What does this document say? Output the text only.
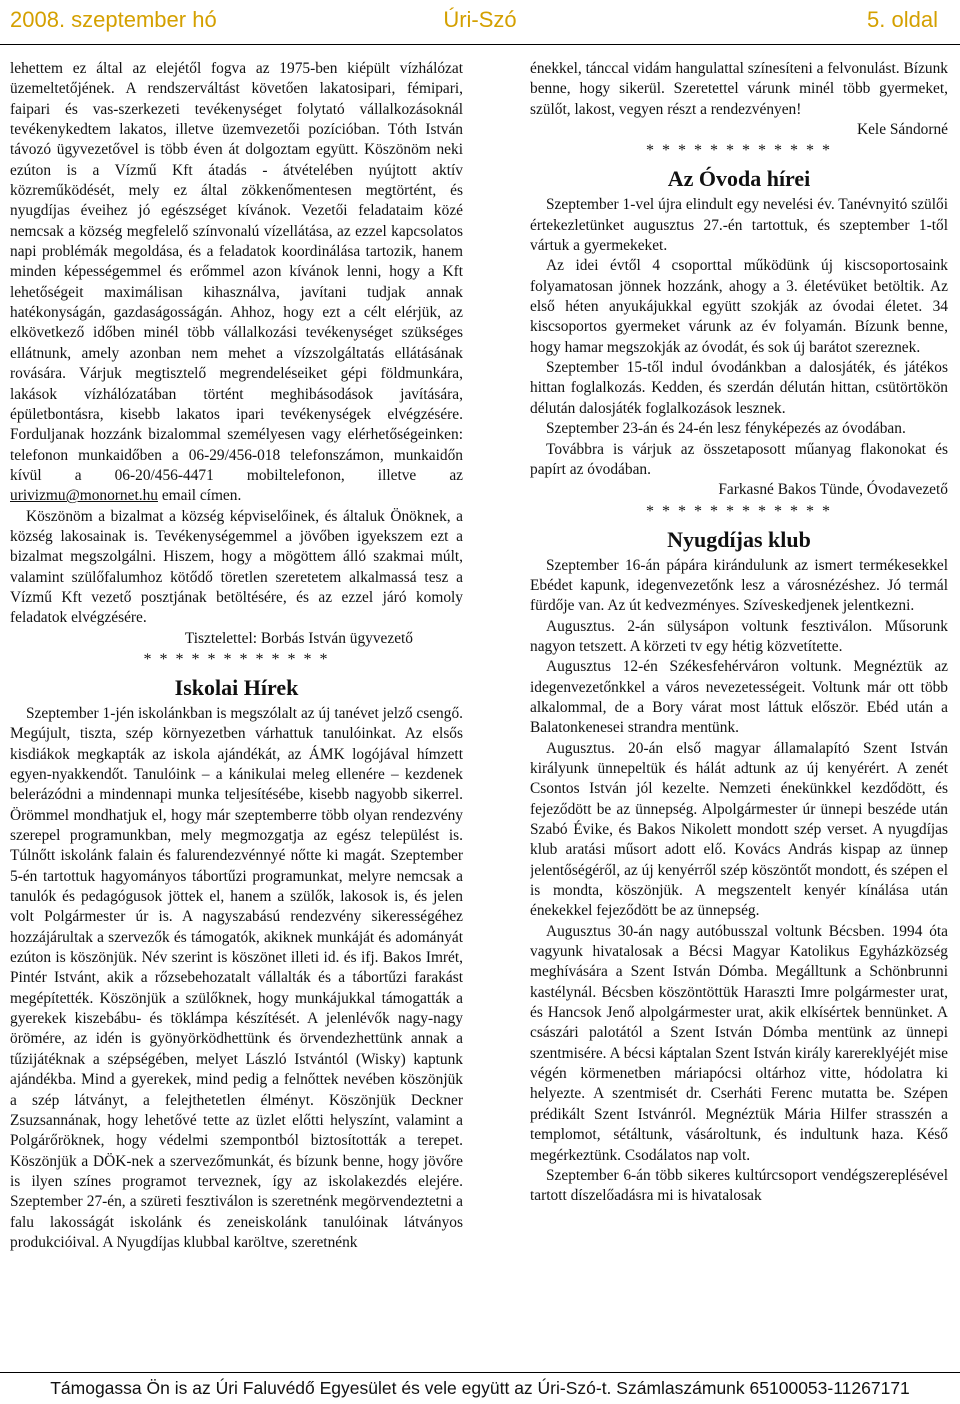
2008. szeptember hó	Úri-Szó	5. oldal

lehettem ez által az elejétől fogva az 1975-ben kiépült vízhálózat üzemeltetőjének. A rendszerváltást követően lakatosipari, fémipari, faipari és vas-szerkezeti tevékenységet folytató vállalkozásoknál tevékenykedtem lakatos, illetve üzemvezetői pozícióban. Tóth István távozó ügyvezetővel is több éven át dolgoztam együtt. Köszönöm neki ezúton is a Vízmű Kft átadás - átvételében nyújtott aktív közreműködését, mely ez által zökkenőmentesen megtörtént, és nyugdíjas éveihez jó egészséget kívánok. Vezetői feladataim közé nemcsak a község megfelelő színvonalú vízellátása, az ezzel kapcsolatos napi problémák megoldása, és a feladatok koordinálása tartozik, hanem minden képességemmel és erőmmel azon kívánok lenni, hogy a Kft lehetőségeit maximálisan kihasználva, javítani tudjak annak hatékonyságán, gazdaságosságán. Ahhoz, hogy ezt a célt elérjük, az elkövetkező időben minél több vállalkozási tevékenységet szükséges ellátnunk, amely azonban nem mehet a vízszolgáltatás ellátásának rovására. Várjuk megtisztelő megrendeléseiket gépi földmunkára, lakások vízhálózatában történt meghibásodások javítására, épületbontásra, kisebb lakatos ipari tevékenységek elvégzésére. Forduljanak hozzánk bizalommal személyesen vagy elérhetőségeinken: telefonon munkaidőben a 06-29/456-018 telefonszámon, munkaidőn kívül a 06-20/456-4471 mobiltelefonon, illetve az urivizmu@monornet.hu email címen.

Köszönöm a bizalmat a község képviselőinek, és általuk Önöknek, a község lakosainak is. Tevékenységemmel a jövőben igyekszem ezt a bizalmat megszolgálni. Hiszem, hogy a mögöttem álló szakmai múlt, valamint szülőfalumhoz kötődő töretlen szeretetem alkalmassá tesz a Vízmű Kft vezető posztjának betöltésére, és az ezzel járó komoly feladatok elvégzésére.

Tisztelettel: Borbás István ügyvezető

* * * * * * * * * * * *
Iskolai Hírek

Szeptember 1-jén iskolánkban is megszólalt az új tanévet jelző csengő. Megújult, tiszta, szép környezetben várhattuk tanulóinkat. Az elsős kisdiákok megkapták az iskola ajándékát, az ÁMK logójával hímzett egyen-nyakkendőt. Tanulóink – a kánikulai meleg ellenére – kezdenek belerázódni a mindennapi munka teljesítésébe, kisebb nagyobb sikerrel. Örömmel mondhatjuk el, hogy már szeptemberre több olyan rendezvény szerepel programunkban, mely megmozgatja az egész települést is. Túlnőtt iskolánk falain és falurendezvénnyé nőtte ki magát. Szeptember 5-én tartottuk hagyományos tábortűzi programunkat, melyre nemcsak a tanulók és pedagógusok jöttek el, hanem a szülők, lakosok is, és jelen volt Polgármester úr is. A nagyszabású rendezvény sikerességéhez hozzájárultak a szervezők és támogatók, akiknek munkáját és adományát ezúton is köszönjük. Név szerint is köszönet illeti id. és ifj. Bakos Imrét, Pintér Istvánt, akik a rőzsebehozatalt vállalták és a tábortűzi farakást megépítették. Köszönjük a szülőknek, hogy munkájukkal támogatták a gyerekek kiszebábu- és töklámpa készítését. A jelenlévők nagy-nagy örömére, az idén is gyönyörködhettünk és örvendezhettünk annak a tűzijátéknak a szépségében, melyet László Istvántól (Wisky) kaptunk ajándékba. Mind a gyerekek, mind pedig a felnőttek nevében köszönjük a szép látványt, a felejthetetlen élményt. Köszönjük Deckner Zsuzsannának, hogy lehetővé tette az üzlet előtti helyszínt, valamint a Polgárőröknek, hogy védelmi szempontból biztosították a terepet. Köszönjük a DÖK-nek a szervezőmunkát, és bízunk benne, hogy jövőre is ilyen színes programot terveznek, így az iskolakezdés elejére. Szeptember 27-én, a szüreti fesztiválon is szeretnénk megörvendeztetni a falu lakosságát iskolánk és zeneiskolánk tanulóinak látványos produkcióival. A Nyugdíjas klubbal karöltve, szeretnénk

énekkel, tánccal vidám hangulattal színesíteni a felvonulást. Bízunk benne, hogy sikerül. Szeretettel várunk minél több gyermeket, szülőt, lakost, vegyen részt a rendezvényen!

Kele Sándorné

* * * * * * * * * * * *
Az Óvoda hírei

Szeptember 1-vel újra elindult egy nevelési év. Tanévnyitó szülői értekezletünket augusztus 27.-én tartottuk, és szeptember 1-től vártuk a gyermekeket.

Az idei évtől 4 csoporttal működünk új kiscsoportosaink folyamatosan jönnek hozzánk, ahogy a 3. életévüket betöltik. Az első héten anyukájukkal együtt szokják az óvodai életet. 34 kiscsoportos gyermeket várunk az év folyamán. Bízunk benne, hogy hamar megszokják az óvodát, és sok új barátot szereznek.

Szeptember 15-től indul óvodánkban a dalosjáték, és játékos hittan foglalkozás. Kedden, és szerdán délután hittan, csütörtökön délután dalosjáték foglalkozások lesznek.

Szeptember 23-án és 24-én lesz fényképezés az óvodában.

Továbbra is várjuk az összetaposott műanyag flakonokat és papírt az óvodában.

Farkasné Bakos Tünde, Óvodavezető

* * * * * * * * * * * *
Nyugdíjas klub

Szeptember 16-án pápára kirándulunk az ismert termékesekkel Ebédet kapunk, idegenvezetőnk lesz a városnézéshez. Jó termál fürdője van. Az út kedvezményes. Szíveskedjenek jelentkezni.

Augusztus. 2-án sülysápon voltunk fesztiválon. Műsorunk nagyon tetszett. A körzeti tv egy hétig közvetítette.

Augusztus 12-én Székesfehérváron voltunk. Megnéztük az idegenvezetőnkkel a város nevezetességeit. Voltunk már ott több alkalommal, de a Bory várat most láttuk először. Ebéd után a Balatonkenesei strandra mentünk.

Augusztus. 20-án első magyar államalapító Szent István királyunk ünnepeltük és hálát adtunk az új kenyérért. A zenét Csontos István jól kezelte. Nemzeti énekünkkel kezdődött, és fejeződött be az ünnepség. Alpolgármester úr ünnepi beszéde után Szabó Évike, és Bakos Nikolett mondott szép verset. A nyugdíjas klub aratási műsort adott elő. Kovács András kispap az ünnep jelentőségéről, az új kenyérről szép köszöntőt mondott, és szépen el is mondta, köszönjük. A megszentelt kenyér kínálása után énekekkel fejeződött be az ünnepség.

Augusztus 30-án nagy autóbusszal voltunk Bécsben. 1994 óta vagyunk hivatalosak a Bécsi Magyar Katolikus Egyházközség meghívására a Szent István Dómba. Megálltunk a Schönbrunni kastélynál. Bécsben köszöntöttük Haraszti Imre polgármester urat, és Hancsok Jenő alpolgármester urat, akik elkísértek bennünket. A császári palotától a Szent István Dómba mentünk az ünnepi szentmisére. A bécsi káptalan Szent István király karereklyéjét mise végén körmenetben máriapócsi oltárhoz vitte, hódolatra ki helyezte. A szentmisét dr. Cserháti Ferenc mutatta be. Szépen prédikált Szent Istvánról. Megnéztük Mária Hilfer strasszén a templomot, sétáltunk, vásároltunk, és indultunk haza. Késő megérkeztünk. Csodálatos nap volt.

Szeptember 6-án több sikeres kultúrcsoport vendégszereplésével tartott díszelőadásra mi is hivatalosak

Támogassa Ön is az Úri Faluvédő Egyesület és vele együtt az Úri-Szó-t. Számlaszámunk 65100053-11267171
